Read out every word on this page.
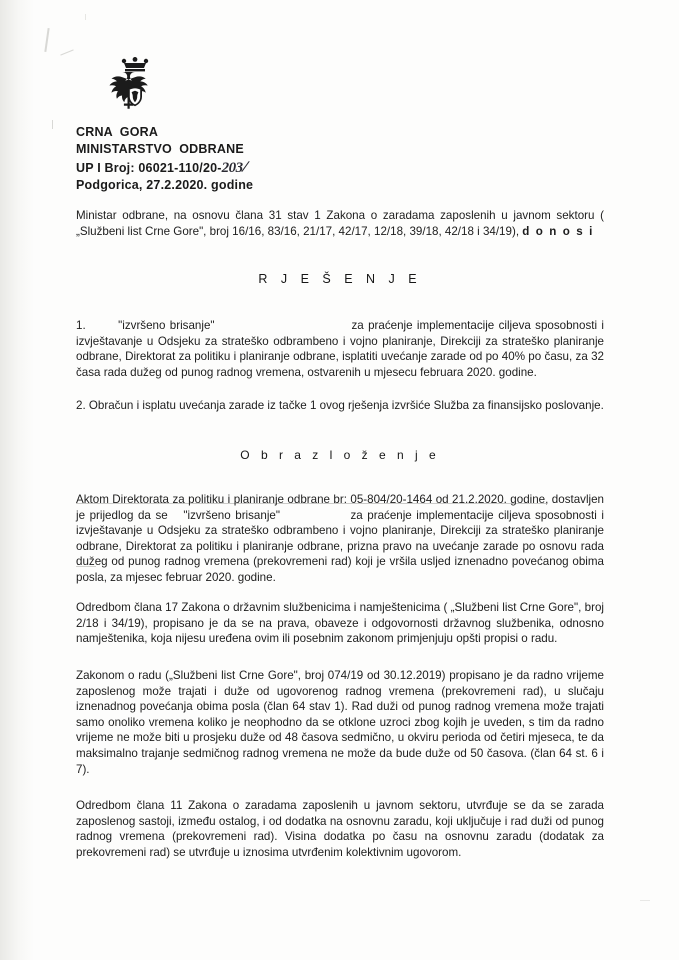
CRNA  GORA
MINISTARSTVO  ODBRANE
UP I Broj: 06021-110/20-203/
Podgorica, 27.2.2020. godine
Ministar odbrane, na osnovu člana 31 stav 1 Zakona o zaradama zaposlenih u javnom sektoru ( „Službeni list Crne Gore", broj 16/16, 83/16, 21/17, 42/17, 12/18, 39/18, 42/18 i 34/19), d o n o s i
R J E Š E N J E
1.	"izvršeno brisanje"	za praćenje implementacije ciljeva sposobnosti i izvještavanje u Odsjeku za strateško odbrambeno i vojno planiranje, Direkciji za strateško planiranje odbrane, Direktorat za politiku i planiranje odbrane, isplatiti uvećanje zarade od po 40% po času, za 32 časa rada dužeg od punog radnog vremena, ostvarenih u mjesecu februara 2020. godine.
2. Obračun i isplatu uvećanja zarade iz tačke 1 ovog rješenja izvršiće Služba za finansijsko poslovanje.
O b r a z l o ž e n j e
Aktom Direktorata za politiku i planiranje odbrane br: 05-804/20-1464 od 21.2.2020. godine, dostavljen je prijedlog da se "izvršeno brisanje"	za praćenje implementacije ciljeva sposobnosti i izvještavanje u Odsjeku za strateško odbrambeno i vojno planiranje, Direkciji za strateško planiranje odbrane, Direktorat za politiku i planiranje odbrane, prizna pravo na uvećanje zarade po osnovu rada dužeg od punog radnog vremena (prekovremeni rad) koji je vršila usljed iznenadno povećanog obima posla, za mjesec februar 2020. godine.
Odredbom člana 17 Zakona o državnim službenicima i namještenicima ( „Službeni list Crne Gore", broj 2/18 i 34/19), propisano je da se na prava, obaveze i odgovornosti državnog službenika, odnosno namještenika, koja nijesu uređena ovim ili posebnim zakonom primjenjuju opšti propisi o radu.
Zakonom o radu („Službeni list Crne Gore", broj 074/19 od 30.12.2019) propisano je da radno vrijeme zaposlenog može trajati i duže od ugovorenog radnog vremena (prekovremeni rad), u slučaju iznenadnog povećanja obima posla (član 64 stav 1). Rad duži od punog radnog vremena može trajati samo onoliko vremena koliko je neophodno da se otklone uzroci zbog kojih je uveden, s tim da radno vrijeme ne može biti u prosjeku duže od 48 časova sedmično, u okviru perioda od četiri mjeseca, te da maksimalno trajanje sedmičnog radnog vremena ne može da bude duže od 50 časova. (član 64 st. 6 i 7).
Odredbom člana 11 Zakona o zaradama zaposlenih u javnom sektoru, utvrđuje se da se zarada zaposlenog sastoji, između ostalog, i od dodatka na osnovnu zaradu, koji uključuje i rad duži od punog radnog vremena (prekovremeni rad). Visina dodatka po času na osnovnu zaradu (dodatak za prekovremeni rad) se utvrđuje u iznosima utvrđenim kolektivnim ugovorom.
